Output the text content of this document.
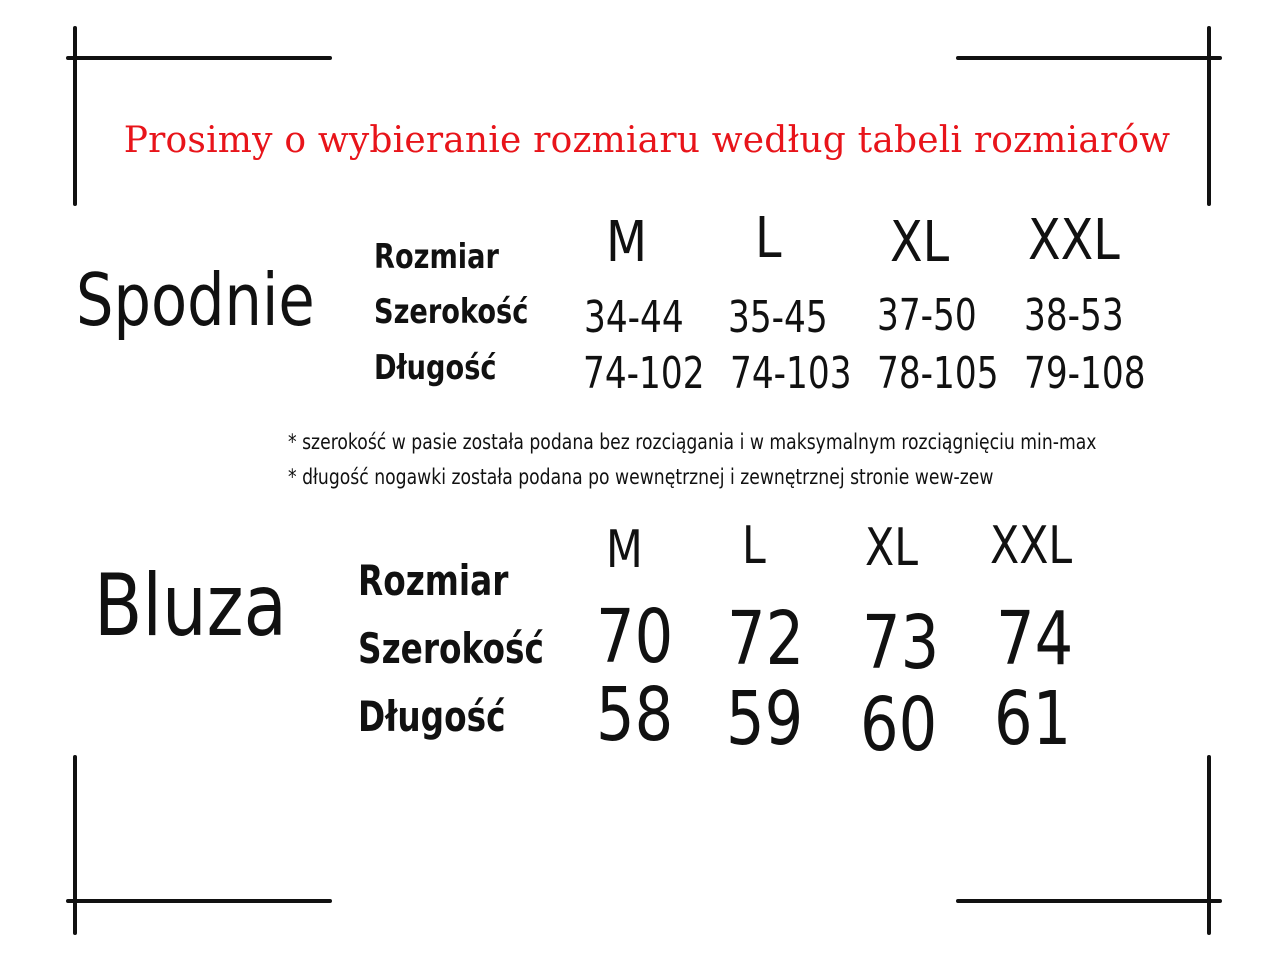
Prosimy o wybieranie rozmiaru według tabeli rozmiarów
Spodnie
Rozmiar
Szerokość
Długość
M L XL XXL
34-44 35-45 37-50 38-53
74-102 74-103 78-105 79-108
* szerokość w pasie została podana bez rozciągania i w maksymalnym rozciągnięciu min-max
* długość nogawki została podana po wewnętrznej i zewnętrznej stronie wew-zew
Bluza Rozmiar
Szerokość
Długość
M L XL XXL
70 72 73 74
58 59 60 61
